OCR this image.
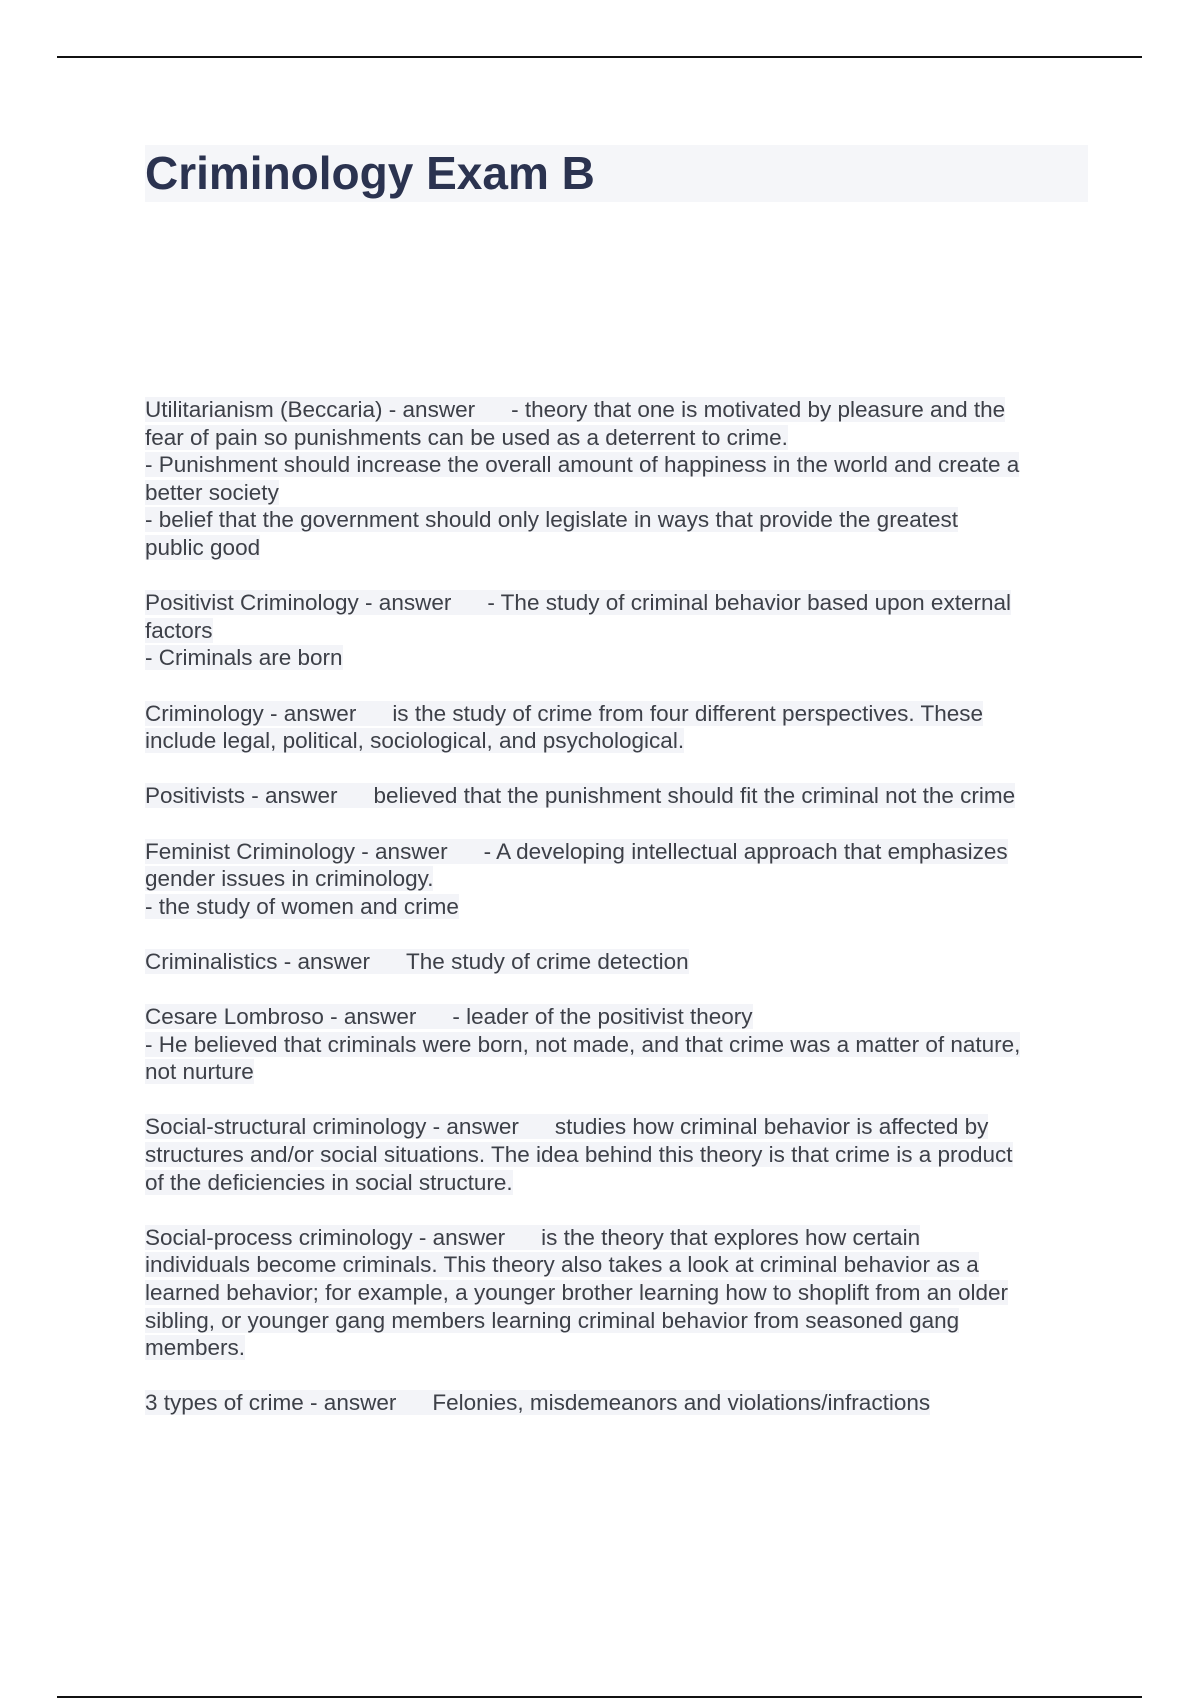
Criminology Exam B
Utilitarianism (Beccaria) - answer - theory that one is motivated by pleasure and the
fear of pain so punishments can be used as a deterrent to crime.
- Punishment should increase the overall amount of happiness in the world and create a
better society
- belief that the government should only legislate in ways that provide the greatest
public good
Positivist Criminology - answer - The study of criminal behavior based upon external
factors
- Criminals are born
Criminology - answer is the study of crime from four different perspectives. These
include legal, political, sociological, and psychological.
Positivists - answer believed that the punishment should fit the criminal not the crime
Feminist Criminology - answer - A developing intellectual approach that emphasizes
gender issues in criminology.
- the study of women and crime
Criminalistics - answer The study of crime detection
Cesare Lombroso - answer - leader of the positivist theory
- He believed that criminals were born, not made, and that crime was a matter of nature,
not nurture
Social-structural criminology - answer studies how criminal behavior is affected by
structures and/or social situations. The idea behind this theory is that crime is a product
of the deficiencies in social structure.
Social-process criminology - answer is the theory that explores how certain
individuals become criminals. This theory also takes a look at criminal behavior as a
learned behavior; for example, a younger brother learning how to shoplift from an older
sibling, or younger gang members learning criminal behavior from seasoned gang
members.
3 types of crime - answer Felonies, misdemeanors and violations/infractions
